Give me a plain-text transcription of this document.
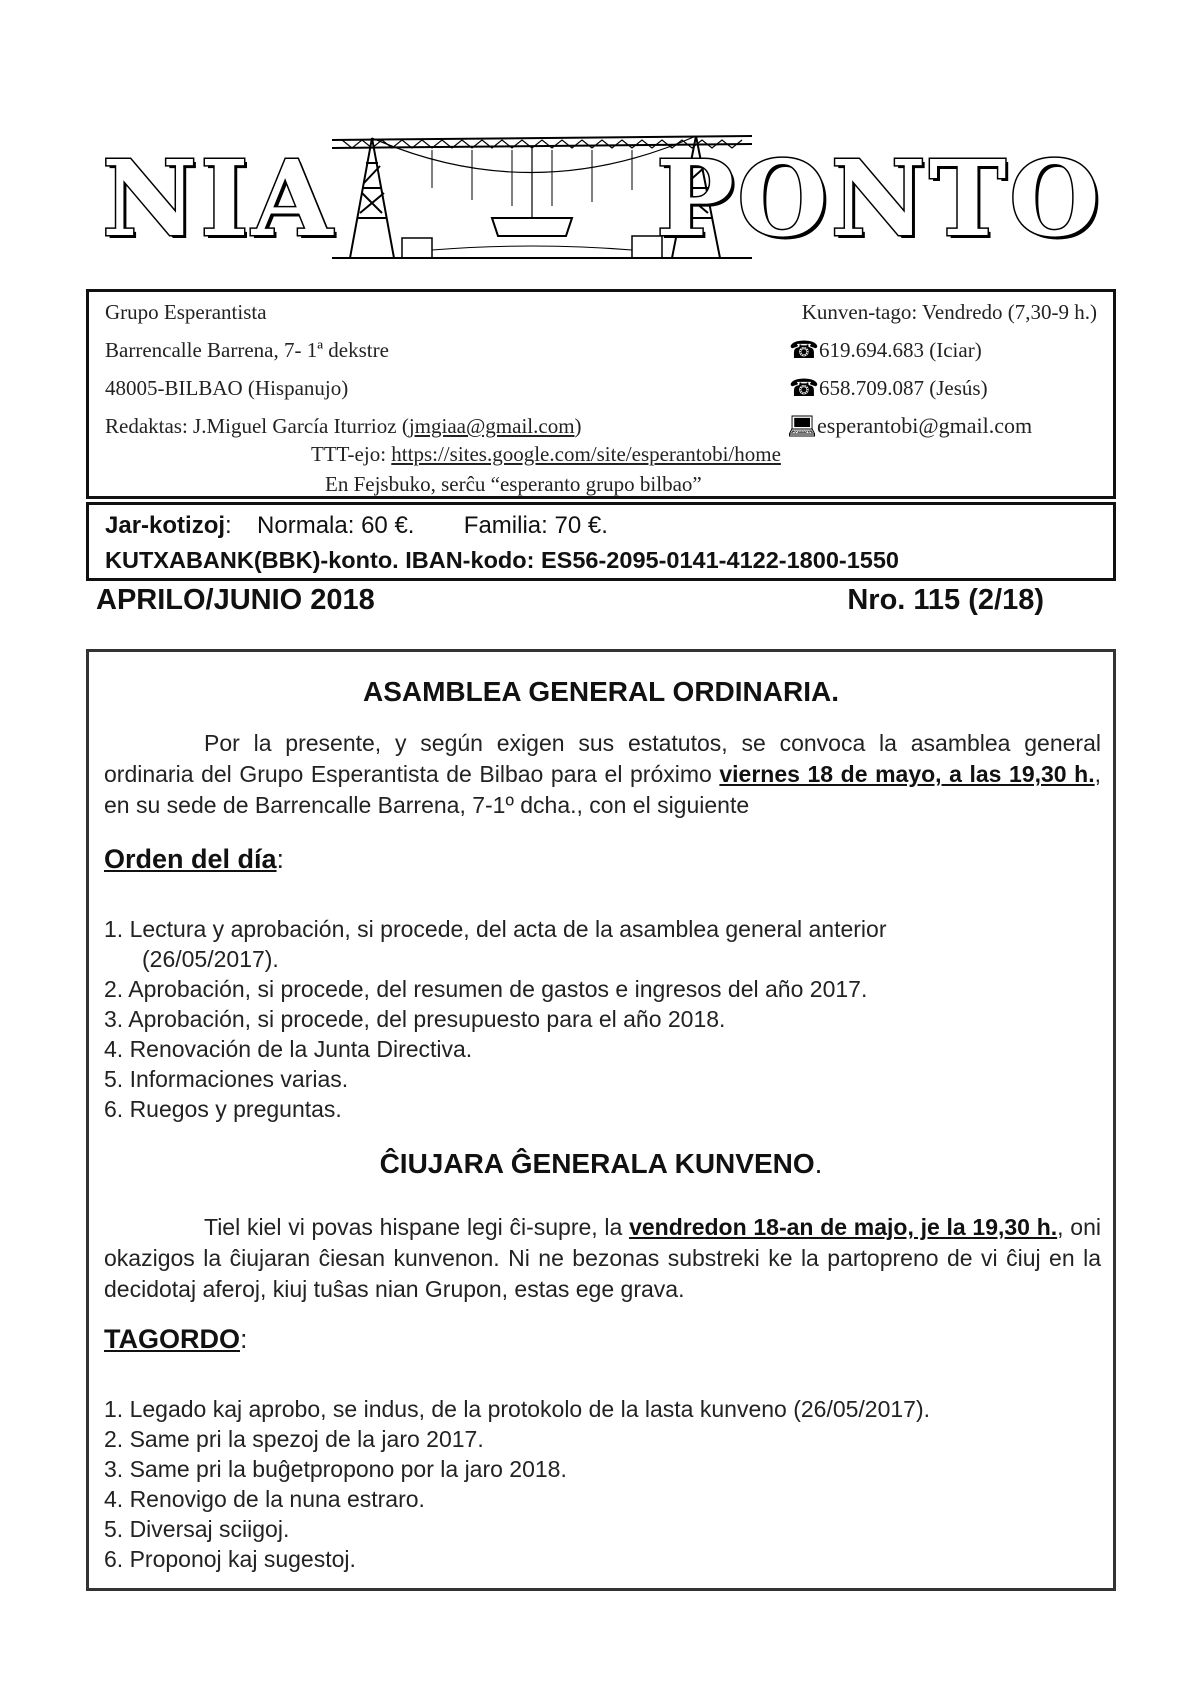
NIA	PONTO
Grupo Esperantista
Barrencalle Barrena, 7- 1ª dekstre
48005-BILBAO (Hispanujo)
Redaktas: J.Miguel García Iturrioz (jmgiaa@gmail.com)
Kunven-tago: Vendredo (7,30-9 h.)
☎619.694.683 (Iciar)
☎658.709.087 (Jesús)
💻︎esperantobi@gmail.com
TTT-ejo: https://sites.google.com/site/esperantobi/home
En Fejsbuko, serĉu “esperanto grupo bilbao”
Jar-kotizoj: Normala: 60 €. Familia: 70 €.
KUTXABANK(BBK)-konto. IBAN-kodo: ES56-2095-0141-4122-1800-1550
APRILO/JUNIO 2018	Nro. 115 (2/18)
ASAMBLEA GENERAL ORDINARIA.
Por la presente, y según exigen sus estatutos, se convoca la asamblea general ordinaria del Grupo Esperantista de Bilbao para el próximo viernes 18 de mayo, a las 19,30 h., en su sede de Barrencalle Barrena, 7-1º dcha., con el siguiente
Orden del día:
1. Lectura y aprobación, si procede, del acta de la asamblea general anterior
(26/05/2017).
2. Aprobación, si procede, del resumen de gastos e ingresos del año 2017.
3. Aprobación, si procede, del presupuesto para el año 2018.
4. Renovación de la Junta Directiva.
5. Informaciones varias.
6. Ruegos y preguntas.
ĈIUJARA ĜENERALA KUNVENO.
Tiel kiel vi povas hispane legi ĉi-supre, la vendredon 18-an de majo, je la 19,30 h., oni okazigos la ĉiujaran ĉiesan kunvenon. Ni ne bezonas substreki ke la partopreno de vi ĉiuj en la decidotaj aferoj, kiuj tuŝas nian Grupon, estas ege grava.
TAGORDO:
1. Legado kaj aprobo, se indus, de la protokolo de la lasta kunveno (26/05/2017).
2. Same pri la spezoj de la jaro 2017.
3. Same pri la buĝetpropono por la jaro 2018.
4. Renovigo de la nuna estraro.
5. Diversaj sciigoj.
6. Proponoj kaj sugestoj.
